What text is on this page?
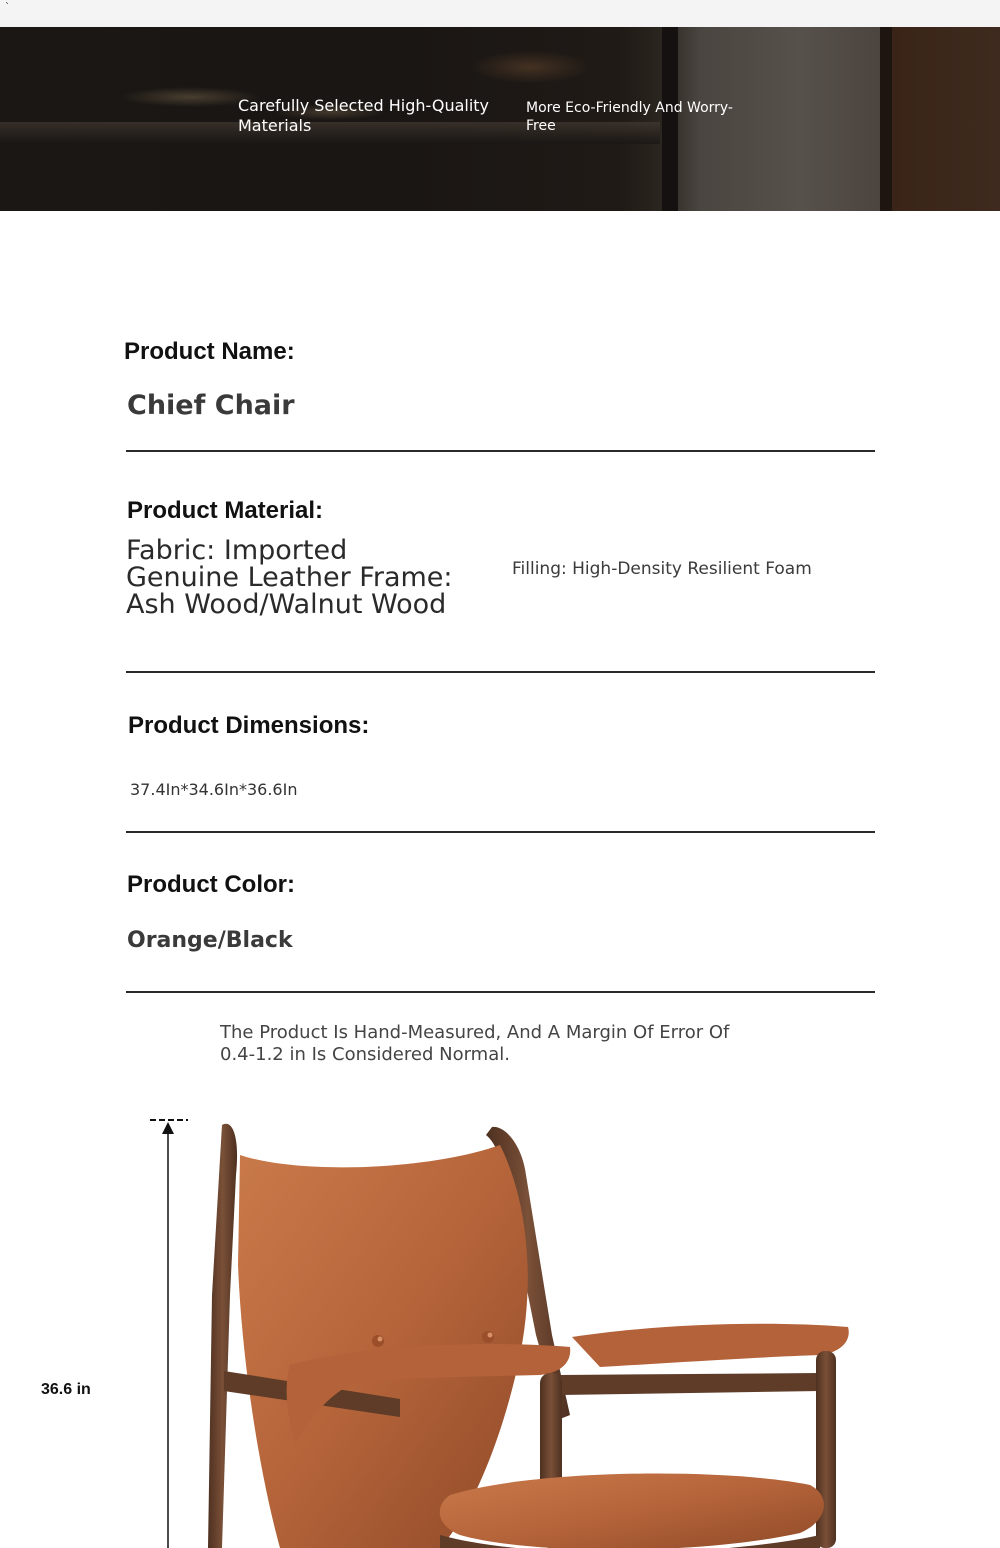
`
Carefully Selected High-Quality Materials
More Eco-Friendly And Worry-Free
Product Name:
Chief Chair
Product Material:
Fabric: Imported Genuine Leather Frame: Ash Wood/Walnut Wood
Filling: High-Density Resilient Foam
Product Dimensions:
37.4In*34.6In*36.6In
Product Color:
Orange/Black
The Product Is Hand-Measured, And A Margin Of Error Of 0.4-1.2 in Is Considered Normal.
36.6 in
